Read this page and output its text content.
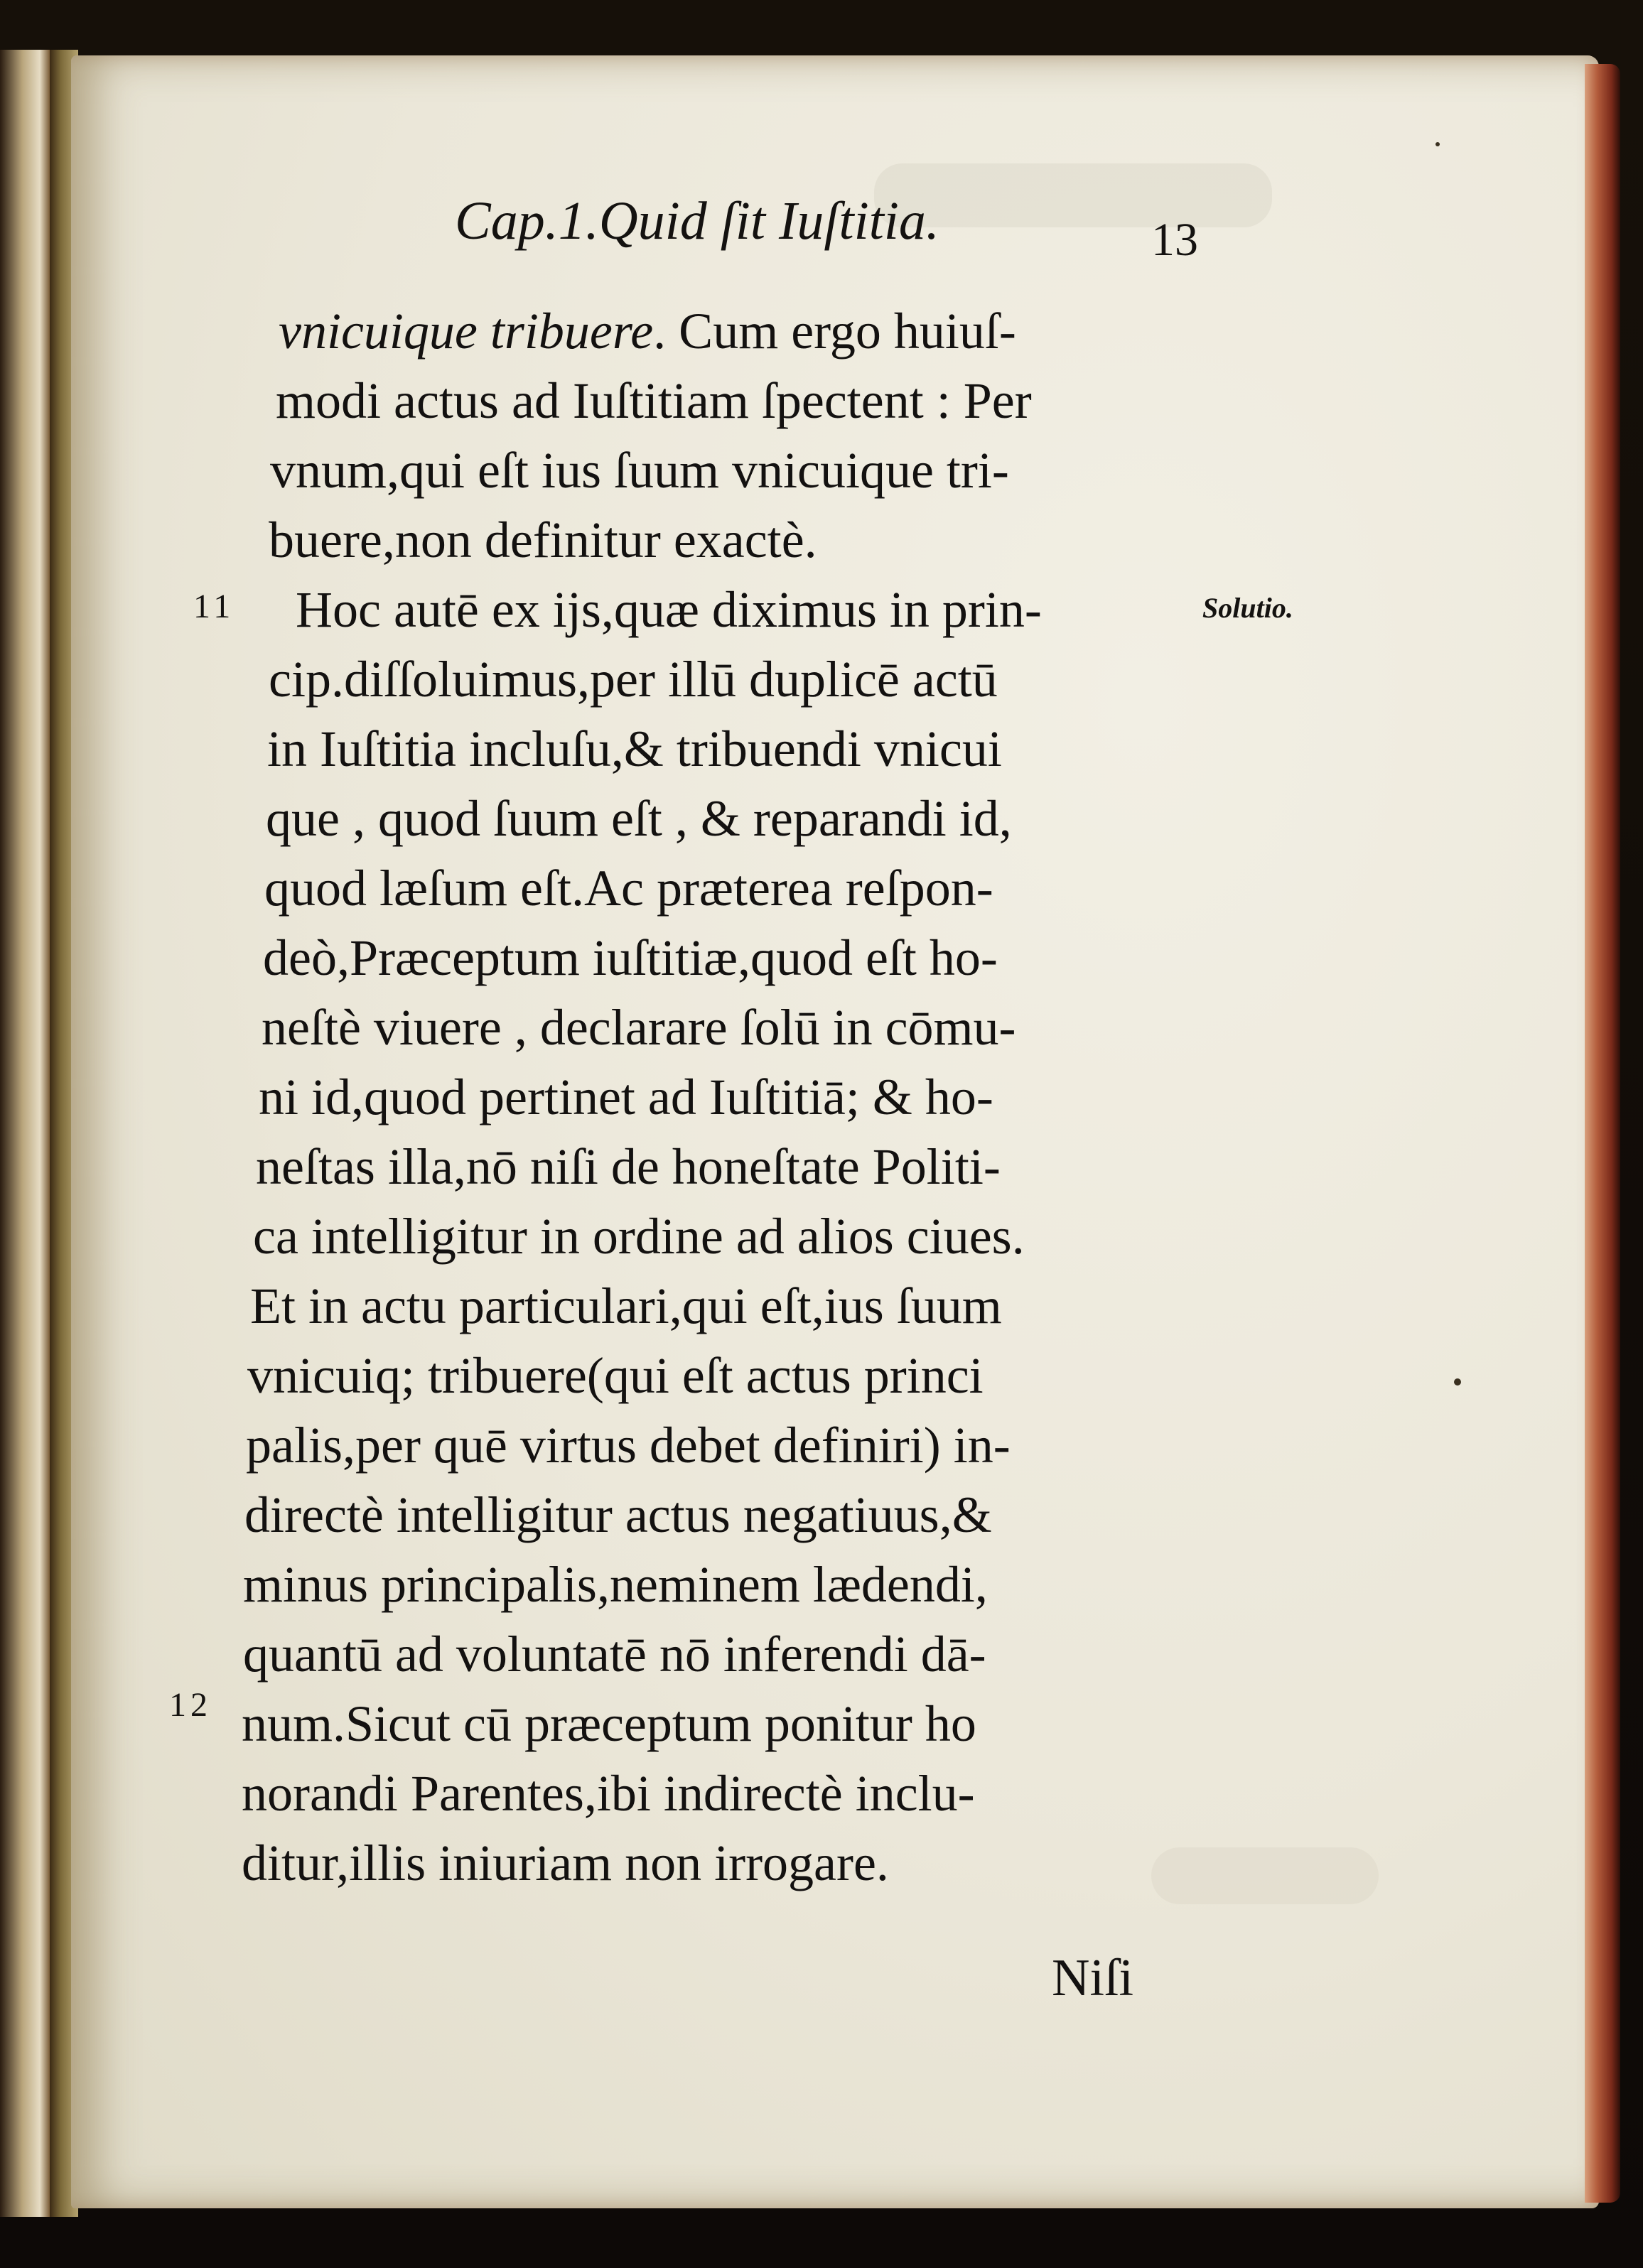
Cap.1.Quid ſit Iuſtitia.	13
11
12
Solutio.
vnicuique tribuere. Cum ergo huiuſ-
modi actus ad Iuſtitiam ſpectent : Per
vnum,qui eſt ius ſuum vnicuique tri-
buere,non definitur exactè.
Hoc autē ex ijs,quæ diximus in prin-
cip.diſſoluimus,per illū duplicē actū
in Iuſtitia incluſu,& tribuendi vnicui
que , quod ſuum eſt , & reparandi id,
quod læſum eſt.Ac præterea reſpon-
deò,Præceptum iuſtitiæ,quod eſt ho-
neſtè viuere , declarare ſolū in cōmu-
ni id,quod pertinet ad Iuſtitiā; & ho-
neſtas illa,nō niſi de honeſtate Politi-
ca intelligitur in ordine ad alios ciues.
Et in actu particulari,qui eſt,ius ſuum
vnicuiq; tribuere(qui eſt actus princi
palis,per quē virtus debet definiri) in-
directè intelligitur actus negatiuus,&
minus principalis,neminem lædendi,
quantū ad voluntatē nō inferendi dā-
num.Sicut cū præceptum ponitur ho
norandi Parentes,ibi indirectè inclu-
ditur,illis iniuriam non irrogare.
Niſi
